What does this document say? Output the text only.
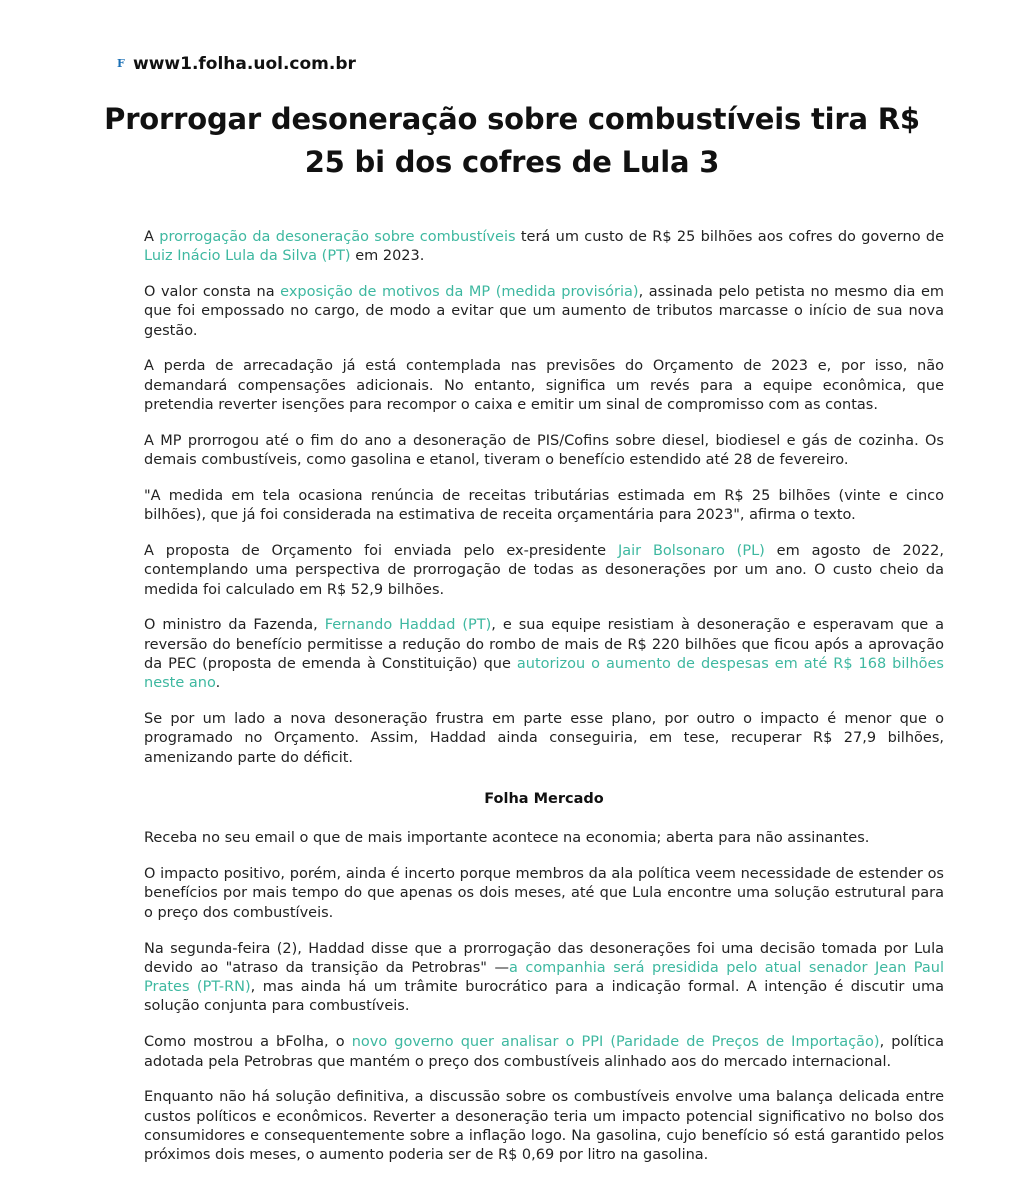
F www1.folha.uol.com.br
Prorrogar desoneração sobre combustíveis tira R$ 25 bi dos cofres de Lula 3

A prorrogação da desoneração sobre combustíveis terá um custo de R$ 25 bilhões aos cofres do governo de Luiz Inácio Lula da Silva (PT) em 2023.

O valor consta na exposição de motivos da MP (medida provisória), assinada pelo petista no mesmo dia em que foi empossado no cargo, de modo a evitar que um aumento de tributos marcasse o início de sua nova gestão.

A perda de arrecadação já está contemplada nas previsões do Orçamento de 2023 e, por isso, não demandará compensações adicionais. No entanto, significa um revés para a equipe econômica, que pretendia reverter isenções para recompor o caixa e emitir um sinal de compromisso com as contas.

A MP prorrogou até o fim do ano a desoneração de PIS/Cofins sobre diesel, biodiesel e gás de cozinha. Os demais combustíveis, como gasolina e etanol, tiveram o benefício estendido até 28 de fevereiro.

"A medida em tela ocasiona renúncia de receitas tributárias estimada em R$ 25 bilhões (vinte e cinco bilhões), que já foi considerada na estimativa de receita orçamentária para 2023", afirma o texto.

A proposta de Orçamento foi enviada pelo ex-presidente Jair Bolsonaro (PL) em agosto de 2022, contemplando uma perspectiva de prorrogação de todas as desonerações por um ano. O custo cheio da medida foi calculado em R$ 52,9 bilhões.

O ministro da Fazenda, Fernando Haddad (PT), e sua equipe resistiam à desoneração e esperavam que a reversão do benefício permitisse a redução do rombo de mais de R$ 220 bilhões que ficou após a aprovação da PEC (proposta de emenda à Constituição) que autorizou o aumento de despesas em até R$ 168 bilhões neste ano.

Se por um lado a nova desoneração frustra em parte esse plano, por outro o impacto é menor que o programado no Orçamento. Assim, Haddad ainda conseguiria, em tese, recuperar R$ 27,9 bilhões, amenizando parte do déficit.

Folha Mercado

Receba no seu email o que de mais importante acontece na economia; aberta para não assinantes.

O impacto positivo, porém, ainda é incerto porque membros da ala política veem necessidade de estender os benefícios por mais tempo do que apenas os dois meses, até que Lula encontre uma solução estrutural para o preço dos combustíveis.

Na segunda-feira (2), Haddad disse que a prorrogação das desonerações foi uma decisão tomada por Lula devido ao "atraso da transição da Petrobras" —a companhia será presidida pelo atual senador Jean Paul Prates (PT-RN), mas ainda há um trâmite burocrático para a indicação formal. A intenção é discutir uma solução conjunta para combustíveis.

Como mostrou a bFolha, o novo governo quer analisar o PPI (Paridade de Preços de Importação), política adotada pela Petrobras que mantém o preço dos combustíveis alinhado aos do mercado internacional.

Enquanto não há solução definitiva, a discussão sobre os combustíveis envolve uma balança delicada entre custos políticos e econômicos. Reverter a desoneração teria um impacto potencial significativo no bolso dos consumidores e consequentemente sobre a inflação logo. Na gasolina, cujo benefício só está garantido pelos próximos dois meses, o aumento poderia ser de R$ 0,69 por litro na gasolina.
